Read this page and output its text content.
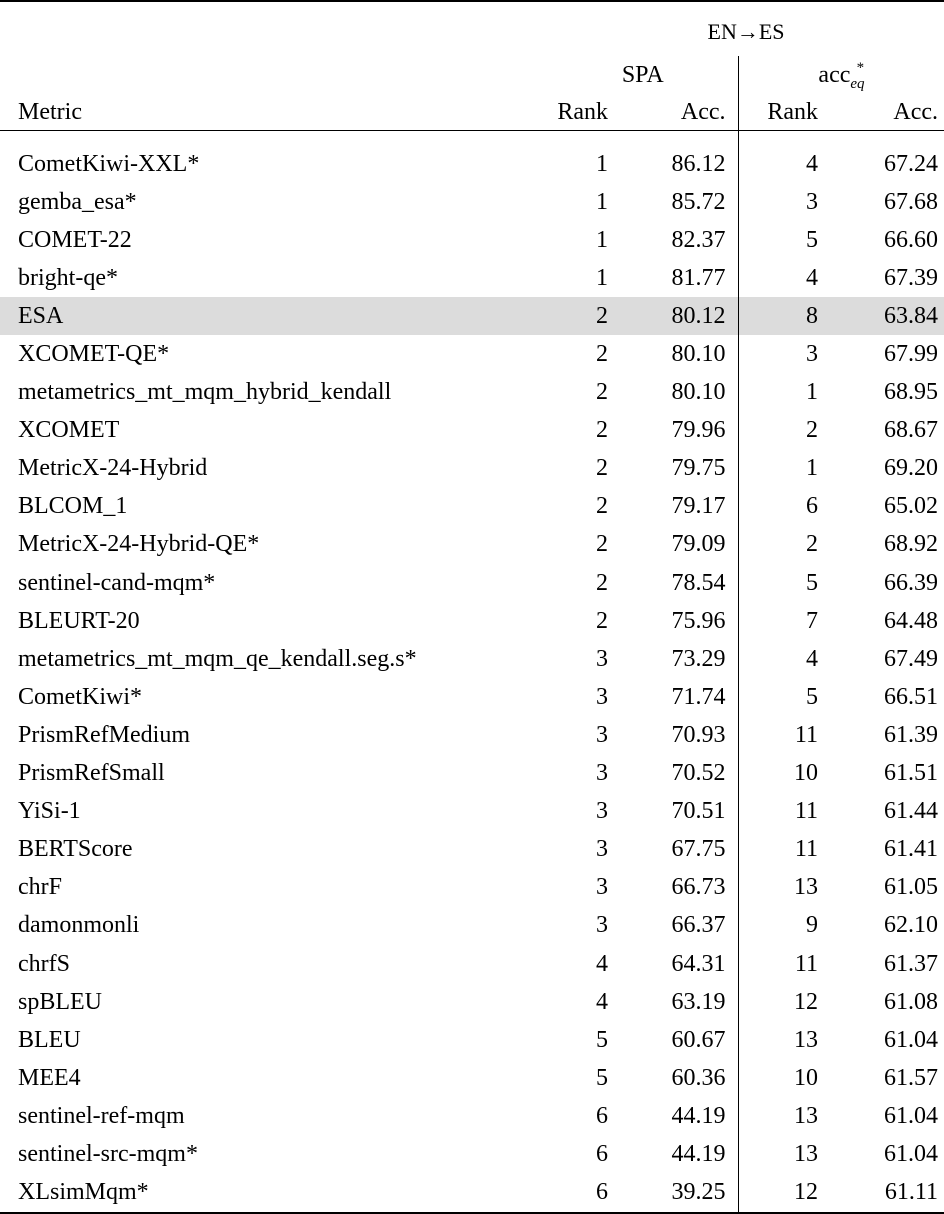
	EN→ES			
	SPA		acc$_{eq}$*
Metric	Rank	Acc.	Rank	Acc.

CometKiwi-XXL*	1	86.12	4	67.24
gemba_esa*	1	85.72	3	67.68
COMET-22	1	82.37	5	66.60
bright-qe*	1	81.77	4	67.39
ESA	2	80.12	8	63.84
XCOMET-QE*	2	80.10	3	67.99
metametrics_mt_mqm_hybrid_kendall	2	80.10	1	68.95
XCOMET	2	79.96	2	68.67
MetricX-24-Hybrid	2	79.75	1	69.20
BLCOM_1	2	79.17	6	65.02
MetricX-24-Hybrid-QE*	2	79.09	2	68.92
sentinel-cand-mqm*	2	78.54	5	66.39
BLEURT-20	2	75.96	7	64.48
metametrics_mt_mqm_qe_kendall.seg.s*	3	73.29	4	67.49
CometKiwi*	3	71.74	5	66.51
PrismRefMedium	3	70.93	11	61.39
PrismRefSmall	3	70.52	10	61.51
YiSi-1	3	70.51	11	61.44
BERTScore	3	67.75	11	61.41
chrF	3	66.73	13	61.05
damonmonli	3	66.37	9	62.10
chrfS	4	64.31	11	61.37
spBLEU	4	63.19	12	61.08
BLEU	5	60.67	13	61.04
MEE4	5	60.36	10	61.57
sentinel-ref-mqm	6	44.19	13	61.04
sentinel-src-mqm*	6	44.19	13	61.04
XLsimMqm*	6	39.25	12	61.11
